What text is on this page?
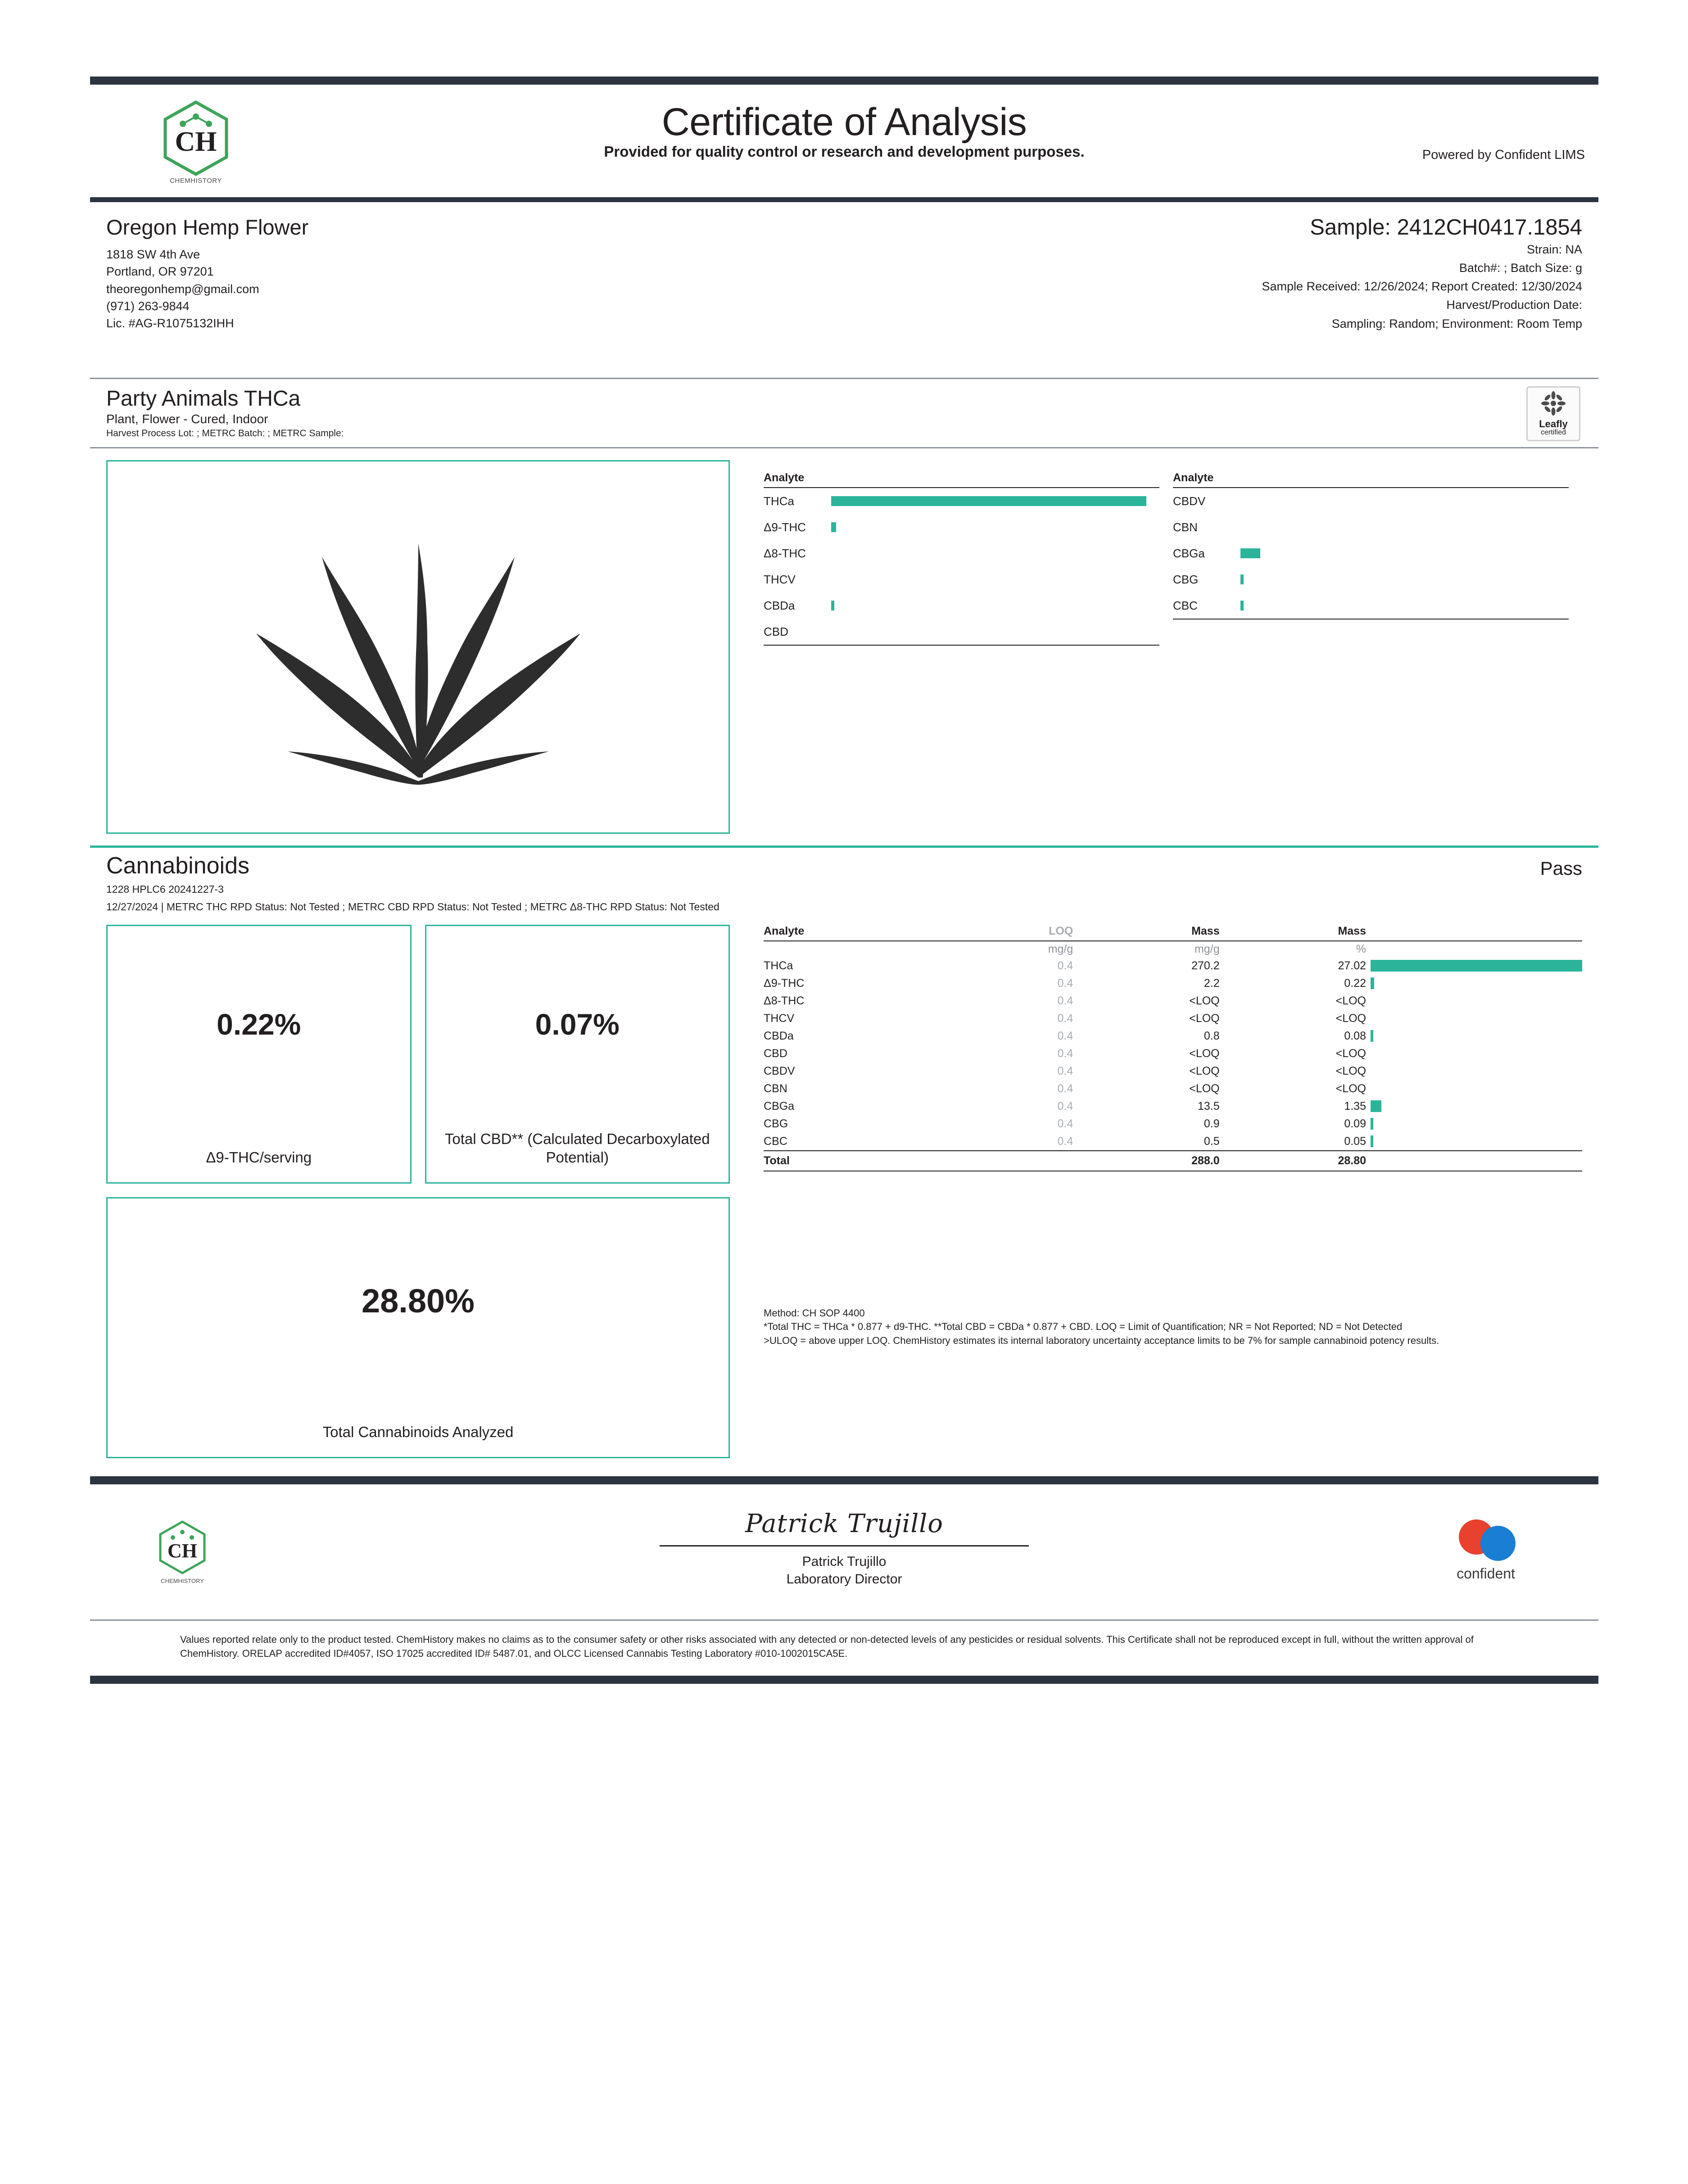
CH
CHEMHISTORY
Certificate of Analysis
Provided for quality control or research and development purposes.	Powered by Confident LIMS
Oregon Hemp Flower
1818 SW 4th Ave
Portland, OR 97201
theoregonhemp@gmail.com
(971) 263-9844
Lic. #AG-R1075132IHH
Sample: 2412CH0417.1854
Strain: NA
Batch#: ; Batch Size: g
Sample Received: 12/26/2024; Report Created: 12/30/2024
Harvest/Production Date:
Sampling: Random; Environment: Room Temp
Party Animals THCa
Plant, Flower - Cured, Indoor
Harvest Process Lot: ; METRC Batch: ; METRC Sample:
Leafly
certified
Analyte
THCa
Δ9-THC
Δ8-THC
THCV
CBDa
CBD
Analyte
CBDV
CBN
CBGa
CBG
CBC
Cannabinoids	Pass
1228 HPLC6 20241227-3
12/27/2024 | METRC THC RPD Status: Not Tested ; METRC CBD RPD Status: Not Tested ; METRC Δ8-THC RPD Status: Not Tested
0.22%
Δ9-THC/serving
0.07%
Total CBD** (Calculated Decarboxylated Potential)
28.80%
Total Cannabinoids Analyzed
Analyte	LOQ	Mass	Mass	
	mg/g	mg/g	%	
THCa	0.4	270.2	27.02	

Δ9-THC	0.4	2.2	0.22	

Δ8-THC	0.4	<LOQ	<LOQ	

THCV	0.4	<LOQ	<LOQ	

CBDa	0.4	0.8	0.08	

CBD	0.4	<LOQ	<LOQ	

CBDV	0.4	<LOQ	<LOQ	

CBN	0.4	<LOQ	<LOQ	

CBGa	0.4	13.5	1.35	

CBG	0.4	0.9	0.09	

CBC	0.4	0.5	0.05	

Total		288.0	28.80	
Method: CH SOP 4400
*Total THC = THCa * 0.877 + d9-THC. **Total CBD = CBDa * 0.877 + CBD. LOQ = Limit of Quantification; NR = Not Reported; ND = Not Detected
>ULOQ = above upper LOQ. ChemHistory estimates its internal laboratory uncertainty acceptance limits to be 7% for sample cannabinoid potency results.
CH
CHEMHISTORY
Patrick Trujillo
Patrick Trujillo
Laboratory Director	confident
Values reported relate only to the product tested. ChemHistory makes no claims as to the consumer safety or other risks associated with any detected or non-detected levels of any pesticides or residual solvents. This Certificate shall not be reproduced except in full, without the written approval of ChemHistory. ORELAP accredited ID#4057, ISO 17025 accredited ID# 5487.01, and OLCC Licensed Cannabis Testing Laboratory #010-1002015CA5E.
